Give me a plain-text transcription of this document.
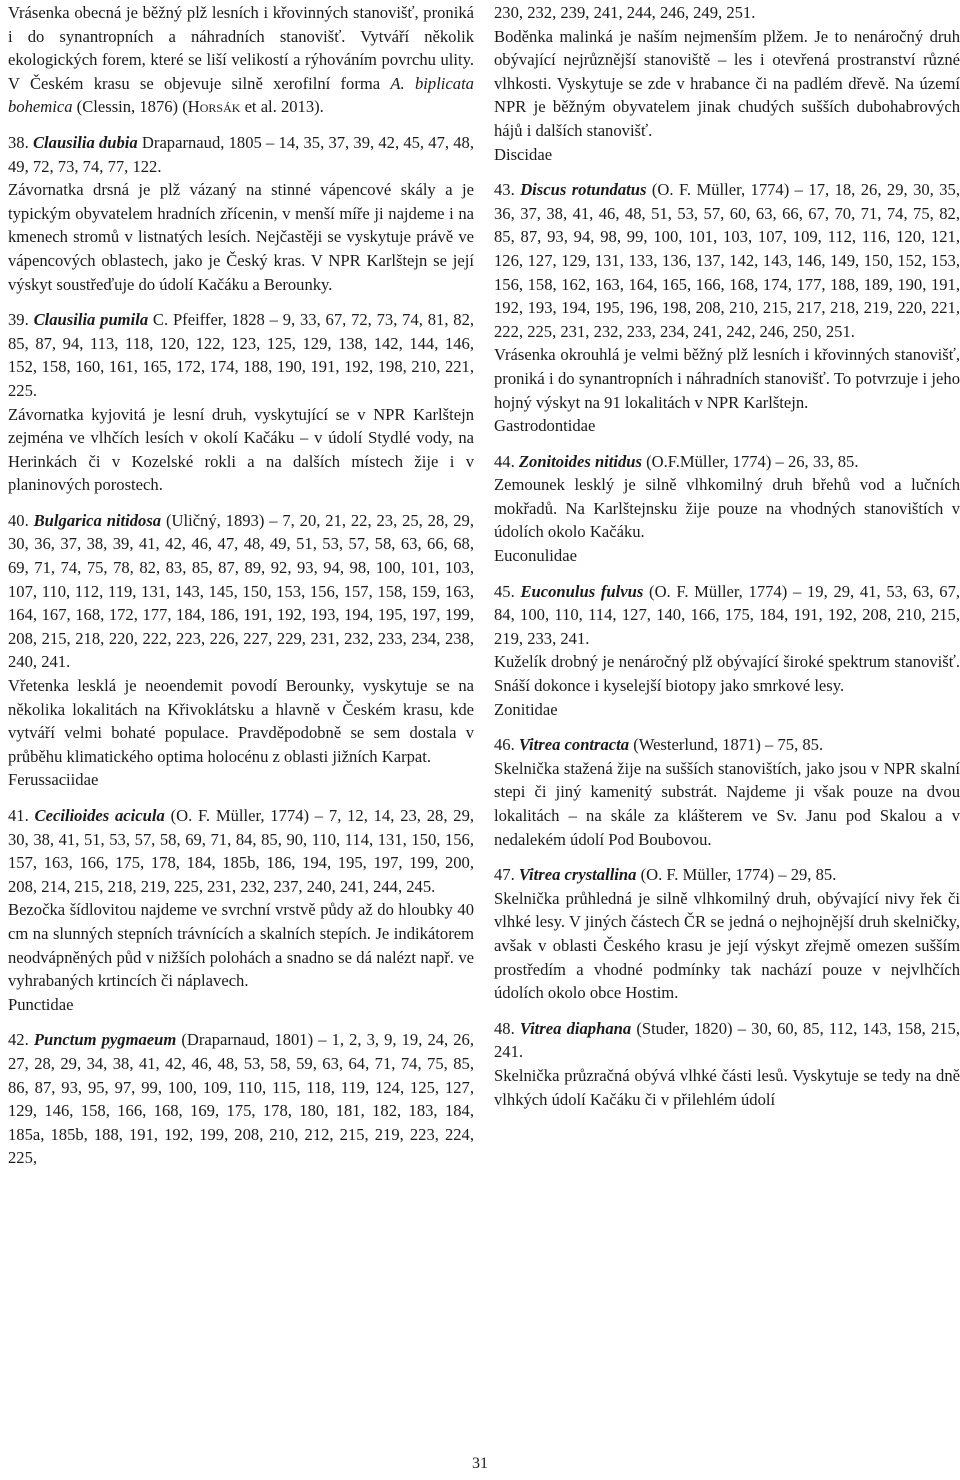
Vrásenka obecná je běžný plž lesních i křovinných stanovišť, proniká i do synantropních a náhradních stanovišť. Vytváří několik ekologických forem, které se liší velikostí a rýhováním povrchu ulity. V Českém krasu se objevuje silně xerofilní forma A. biplicata bohemica (Clessin, 1876) (Horsák et al. 2013).

38. Clausilia dubia Draparnaud, 1805 – 14, 35, 37, 39, 42, 45, 47, 48, 49, 72, 73, 74, 77, 122.

Závornatka drsná je plž vázaný na stinné vápencové skály a je typickým obyvatelem hradních zřícenin, v menší míře ji najdeme i na kmenech stromů v listnatých lesích. Nejčastěji se vyskytuje právě ve vápencových oblastech, jako je Český kras. V NPR Karlštejn se její výskyt soustřeďuje do údolí Kačáku a Berounky.

39. Clausilia pumila C. Pfeiffer, 1828 – 9, 33, 67, 72, 73, 74, 81, 82, 85, 87, 94, 113, 118, 120, 122, 123, 125, 129, 138, 142, 144, 146, 152, 158, 160, 161, 165, 172, 174, 188, 190, 191, 192, 198, 210, 221, 225.

Závornatka kyjovitá je lesní druh, vyskytující se v NPR Karlštejn zejména ve vlhčích lesích v okolí Kačáku – v údolí Stydlé vody, na Herinkách či v Kozelské rokli a na dalších místech žije i v planinových porostech.

40. Bulgarica nitidosa (Uličný, 1893) – 7, 20, 21, 22, 23, 25, 28, 29, 30, 36, 37, 38, 39, 41, 42, 46, 47, 48, 49, 51, 53, 57, 58, 63, 66, 68, 69, 71, 74, 75, 78, 82, 83, 85, 87, 89, 92, 93, 94, 98, 100, 101, 103, 107, 110, 112, 119, 131, 143, 145, 150, 153, 156, 157, 158, 159, 163, 164, 167, 168, 172, 177, 184, 186, 191, 192, 193, 194, 195, 197, 199, 208, 215, 218, 220, 222, 223, 226, 227, 229, 231, 232, 233, 234, 238, 240, 241.

Vřetenka lesklá je neoendemit povodí Berounky, vyskytuje se na několika lokalitách na Křivoklátsku a hlavně v Českém krasu, kde vytváří velmi bohaté populace. Pravděpodobně se sem dostala v průběhu klimatického optima holocénu z oblasti jižních Karpat.

Ferussaciidae

41. Cecilioides acicula (O. F. Müller, 1774) – 7, 12, 14, 23, 28, 29, 30, 38, 41, 51, 53, 57, 58, 69, 71, 84, 85, 90, 110, 114, 131, 150, 156, 157, 163, 166, 175, 178, 184, 185b, 186, 194, 195, 197, 199, 200, 208, 214, 215, 218, 219, 225, 231, 232, 237, 240, 241, 244, 245.

Bezočka šídlovitou najdeme ve svrchní vrstvě půdy až do hloubky 40 cm na slunných stepních trávnících a skalních stepích. Je indikátorem neodvápněných půd v nižších polohách a snadno se dá nalézt např. ve vyhrabaných krtincích či náplavech.

Punctidae

42. Punctum pygmaeum (Draparnaud, 1801) – 1, 2, 3, 9, 19, 24, 26, 27, 28, 29, 34, 38, 41, 42, 46, 48, 53, 58, 59, 63, 64, 71, 74, 75, 85, 86, 87, 93, 95, 97, 99, 100, 109, 110, 115, 118, 119, 124, 125, 127, 129, 146, 158, 166, 168, 169, 175, 178, 180, 181, 182, 183, 184, 185a, 185b, 188, 191, 192, 199, 208, 210, 212, 215, 219, 223, 224, 225,

230, 232, 239, 241, 244, 246, 249, 251.

Boděnka malinká je naším nejmenším plžem. Je to nenáročný druh obývající nejrůznější stanoviště – les i otevřená prostranství různé vlhkosti. Vyskytuje se zde v hrabance či na padlém dřevě. Na území NPR je běžným obyvatelem jinak chudých sušších dubohabrových hájů i dalších stanovišť.

Discidae

43. Discus rotundatus (O. F. Müller, 1774) – 17, 18, 26, 29, 30, 35, 36, 37, 38, 41, 46, 48, 51, 53, 57, 60, 63, 66, 67, 70, 71, 74, 75, 82, 85, 87, 93, 94, 98, 99, 100, 101, 103, 107, 109, 112, 116, 120, 121, 126, 127, 129, 131, 133, 136, 137, 142, 143, 146, 149, 150, 152, 153, 156, 158, 162, 163, 164, 165, 166, 168, 174, 177, 188, 189, 190, 191, 192, 193, 194, 195, 196, 198, 208, 210, 215, 217, 218, 219, 220, 221, 222, 225, 231, 232, 233, 234, 241, 242, 246, 250, 251.

Vrásenka okrouhlá je velmi běžný plž lesních i křovinných stanovišť, proniká i do synantropních i náhradních stanovišť. To potvrzuje i jeho hojný výskyt na 91 lokalitách v NPR Karlštejn.

Gastrodontidae

44. Zonitoides nitidus (O.F.Müller, 1774) – 26, 33, 85.

Zemounek lesklý je silně vlhkomilný druh břehů vod a lučních mokřadů. Na Karlštejnsku žije pouze na vhodných stanovištích v údolích okolo Kačáku.

Euconulidae

45. Euconulus fulvus (O. F. Müller, 1774) – 19, 29, 41, 53, 63, 67, 84, 100, 110, 114, 127, 140, 166, 175, 184, 191, 192, 208, 210, 215, 219, 233, 241.

Kuželík drobný je nenáročný plž obývající široké spektrum stanovišť. Snáší dokonce i kyselejší biotopy jako smrkové lesy.

Zonitidae

46. Vitrea contracta (Westerlund, 1871) – 75, 85.

Skelnička stažená žije na sušších stanovištích, jako jsou v NPR skalní stepi či jiný kamenitý substrát. Najdeme ji však pouze na dvou lokalitách – na skále za klášterem ve Sv. Janu pod Skalou a v nedalekém údolí Pod Boubovou.

47. Vitrea crystallina (O. F. Müller, 1774) – 29, 85.

Skelnička průhledná je silně vlhkomilný druh, obývající nivy řek či vlhké lesy. V jiných částech ČR se jedná o nejhojnější druh skelničky, avšak v oblasti Českého krasu je její výskyt zřejmě omezen sušším prostředím a vhodné podmínky tak nachází pouze v nejvlhčích údolích okolo obce Hostim.

48. Vitrea diaphana (Studer, 1820) – 30, 60, 85, 112, 143, 158, 215, 241.

Skelnička průzračná obývá vlhké části lesů. Vyskytuje se tedy na dně vlhkých údolí Kačáku či v přilehlém údolí

31
